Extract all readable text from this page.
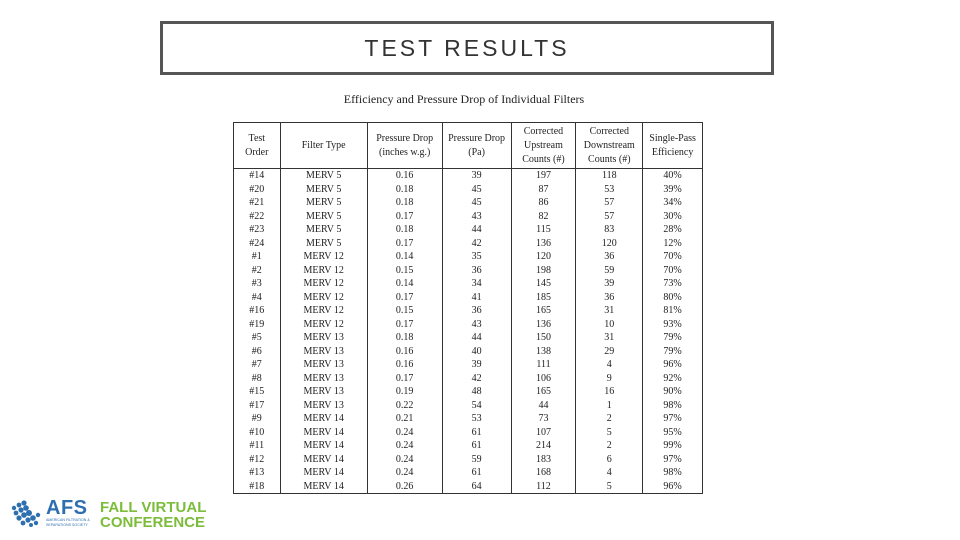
TEST RESULTS
Efficiency and Pressure Drop of Individual Filters
Test Order	Filter Type	Pressure Drop (inches w.g.)	Pressure Drop (Pa)	Corrected Upstream Counts (#)	Corrected Downstream Counts (#)	Single-Pass Efficiency
#14	MERV 5	0.16	39	197	118	40%
#20	MERV 5	0.18	45	87	53	39%
#21	MERV 5	0.18	45	86	57	34%
#22	MERV 5	0.17	43	82	57	30%
#23	MERV 5	0.18	44	115	83	28%
#24	MERV 5	0.17	42	136	120	12%
#1	MERV 12	0.14	35	120	36	70%
#2	MERV 12	0.15	36	198	59	70%
#3	MERV 12	0.14	34	145	39	73%
#4	MERV 12	0.17	41	185	36	80%
#16	MERV 12	0.15	36	165	31	81%
#19	MERV 12	0.17	43	136	10	93%
#5	MERV 13	0.18	44	150	31	79%
#6	MERV 13	0.16	40	138	29	79%
#7	MERV 13	0.16	39	111	4	96%
#8	MERV 13	0.17	42	106	9	92%
#15	MERV 13	0.19	48	165	16	90%
#17	MERV 13	0.22	54	44	1	98%
#9	MERV 14	0.21	53	73	2	97%
#10	MERV 14	0.24	61	107	5	95%
#11	MERV 14	0.24	61	214	2	99%
#12	MERV 14	0.24	59	183	6	97%
#13	MERV 14	0.24	61	168	4	98%
#18	MERV 14	0.26	64	112	5	96%
AFS
AMERICAN FILTRATION & SEPARATIONS SOCIETY
FALL VIRTUAL
CONFERENCE
